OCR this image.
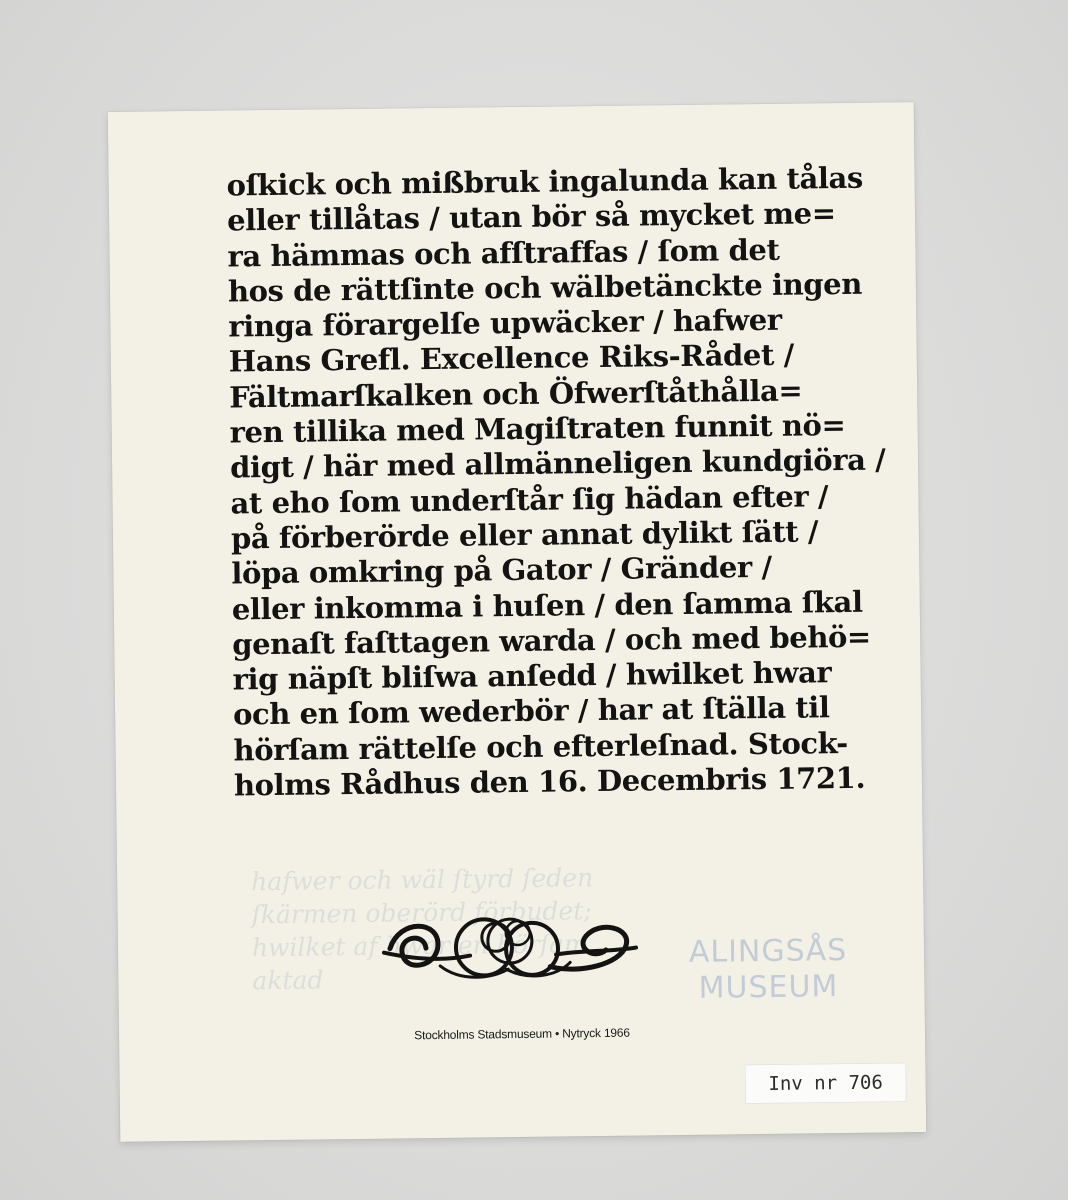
hafwer och wäl ſtyrd ſeden
ſkärmen oberörd förbudet;
hwilket af hwar en hörſam
aktad
ALINGSÅS
MUSEUM
oſkick och mißbruk ingalunda kan tålas
eller tillåtas / utan bör så mycket me=
ra hämmas och afſtraffas / ſom det
hos de rättſinte och wälbetänckte ingen
ringa förargelſe upwäcker / hafwer
Hans Grefl. Excellence Riks-Rådet /
Fältmarſkalken och Öfwerſtåthålla=
ren tillika med Magiſtraten funnit nö=
digt / här med allmänneligen kundgiöra /
at eho ſom underſtår ſig hädan efter /
på förberörde eller annat dylikt ſätt /
löpa omkring på Gator / Gränder /
eller inkomma i huſen / den ſamma ſkal
genaſt faſttagen warda / och med behö=
rig näpſt bliſwa anſedd / hwilket hwar
och en ſom wederbör / har at ſtälla til
hörſam rättelſe och efterleſnad. Stock-
holms Rådhus den 16. Decembris 1721.
Stockholms Stadsmuseum • Nytryck 1966
Inv nr 706
